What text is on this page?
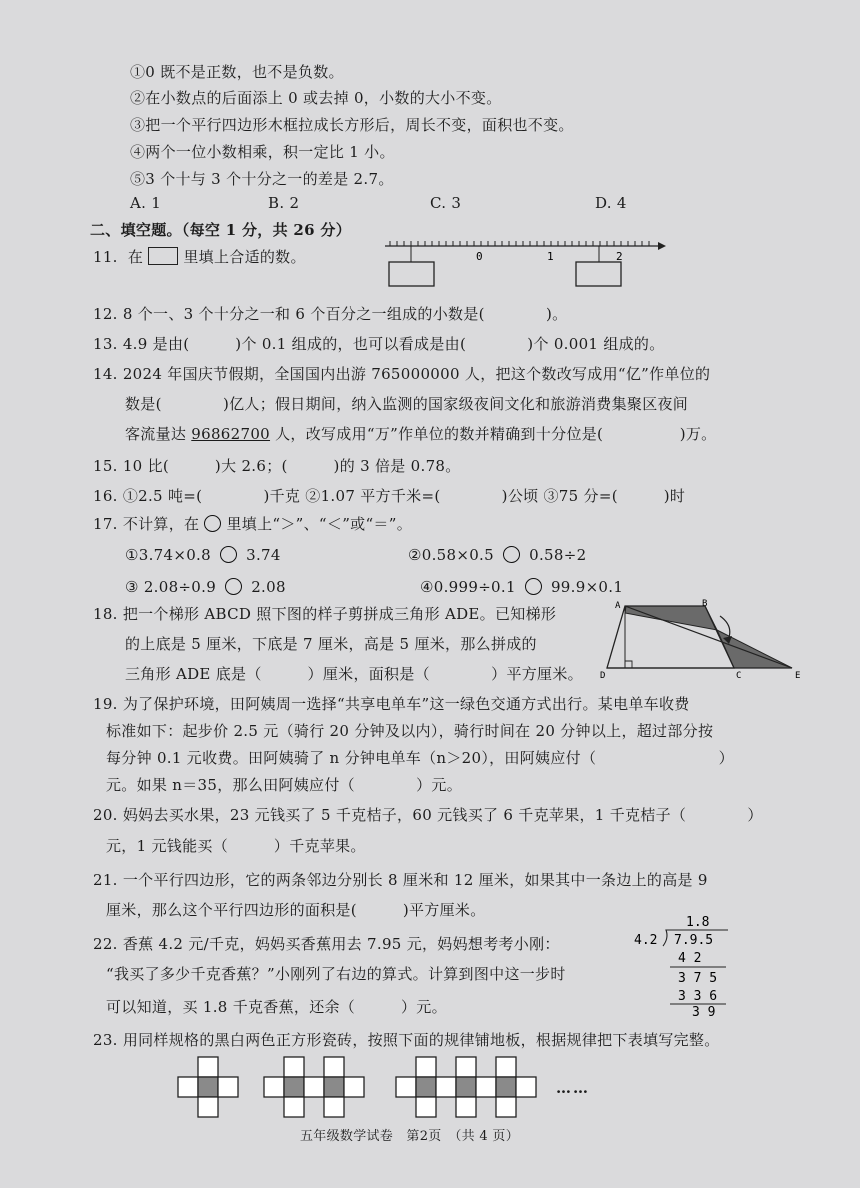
①0 既不是正数，也不是负数。
②在小数点的后面添上 0 或去掉 0，小数的大小不变。
③把一个平行四边形木框拉成长方形后，周长不变，面积也不变。
④两个一位小数相乘，积一定比 1 小。
⑤3 个十与 3 个十分之一的差是 2.7。
A. 1	B. 2	C. 3	D. 4
二、填空题。（每空 1 分，共 26 分）
11. 在	里填上合适的数。	0	1	2
12. 8 个一、3 个十分之一和 6 个百分之一组成的小数是(　　　　)。
13. 4.9 是由(　　　)个 0.1 组成的，也可以看成是由(　　　　)个 0.001 组成的。
14. 2024 年国庆节假期，全国国内出游 765000000 人，把这个数改写成用“亿”作单位的
数是(　　　　)亿人；假日期间，纳入监测的国家级夜间文化和旅游消费集聚区夜间
客流量达 96862700 人，改写成用“万”作单位的数并精确到十分位是(　　　　　)万。
15. 10 比(　　　)大 2.6；(　　　)的 3 倍是 0.78。
16. ①2.5 吨=(　　　　)千克 ②1.07 平方千米=(　　　　)公顷 ③75 分=(　　　)时
17. 不计算，在 里填上“＞”、“＜”或“＝”。
①3.74×0.8 3.74	②0.58×0.5 0.58÷2
③ 2.08÷0.9 2.08	④0.999÷0.1 99.9×0.1
18. 把一个梯形 ABCD 照下图的样子剪拼成三角形 ADE。已知梯形
的上底是 5 厘米，下底是 7 厘米，高是 5 厘米，那么拼成的
三角形 ADE 底是（　　　）厘米，面积是（　　　　）平方厘米。
A	B
C
D	E
19. 为了保护环境，田阿姨周一选择“共享电单车”这一绿色交通方式出行。某电单车收费
标准如下：起步价 2.5 元（骑行 20 分钟及以内），骑行时间在 20 分钟以上，超过部分按
每分钟 0.1 元收费。田阿姨骑了 n 分钟电单车（n＞20），田阿姨应付（　　　　　　　　）
元。如果 n＝35，那么田阿姨应付（　　　　）元。
20. 妈妈去买水果，23 元钱买了 5 千克桔子，60 元钱买了 6 千克苹果，1 千克桔子（　　　　）
元，1 元钱能买（　　　）千克苹果。
21. 一个平行四边形，它的两条邻边分别长 8 厘米和 12 厘米，如果其中一条边上的高是 9
厘米，那么这个平行四边形的面积是(　　　)平方厘米。
22. 香蕉 4.2 元/千克，妈妈买香蕉用去 7.95 元，妈妈想考考小刚：
“我买了多少千克香蕉？”小刚列了右边的算式。计算到图中这一步时
可以知道，买 1.8 千克香蕉，还余（　　　）元。
1.8
4.2 7.9.5
4 2
3 7 5
3 3 6
3 9
23. 用同样规格的黑白两色正方形瓷砖，按照下面的规律铺地板，根据规律把下表填写完整。
……
五年级数学试卷　第2页　（共 4 页）
